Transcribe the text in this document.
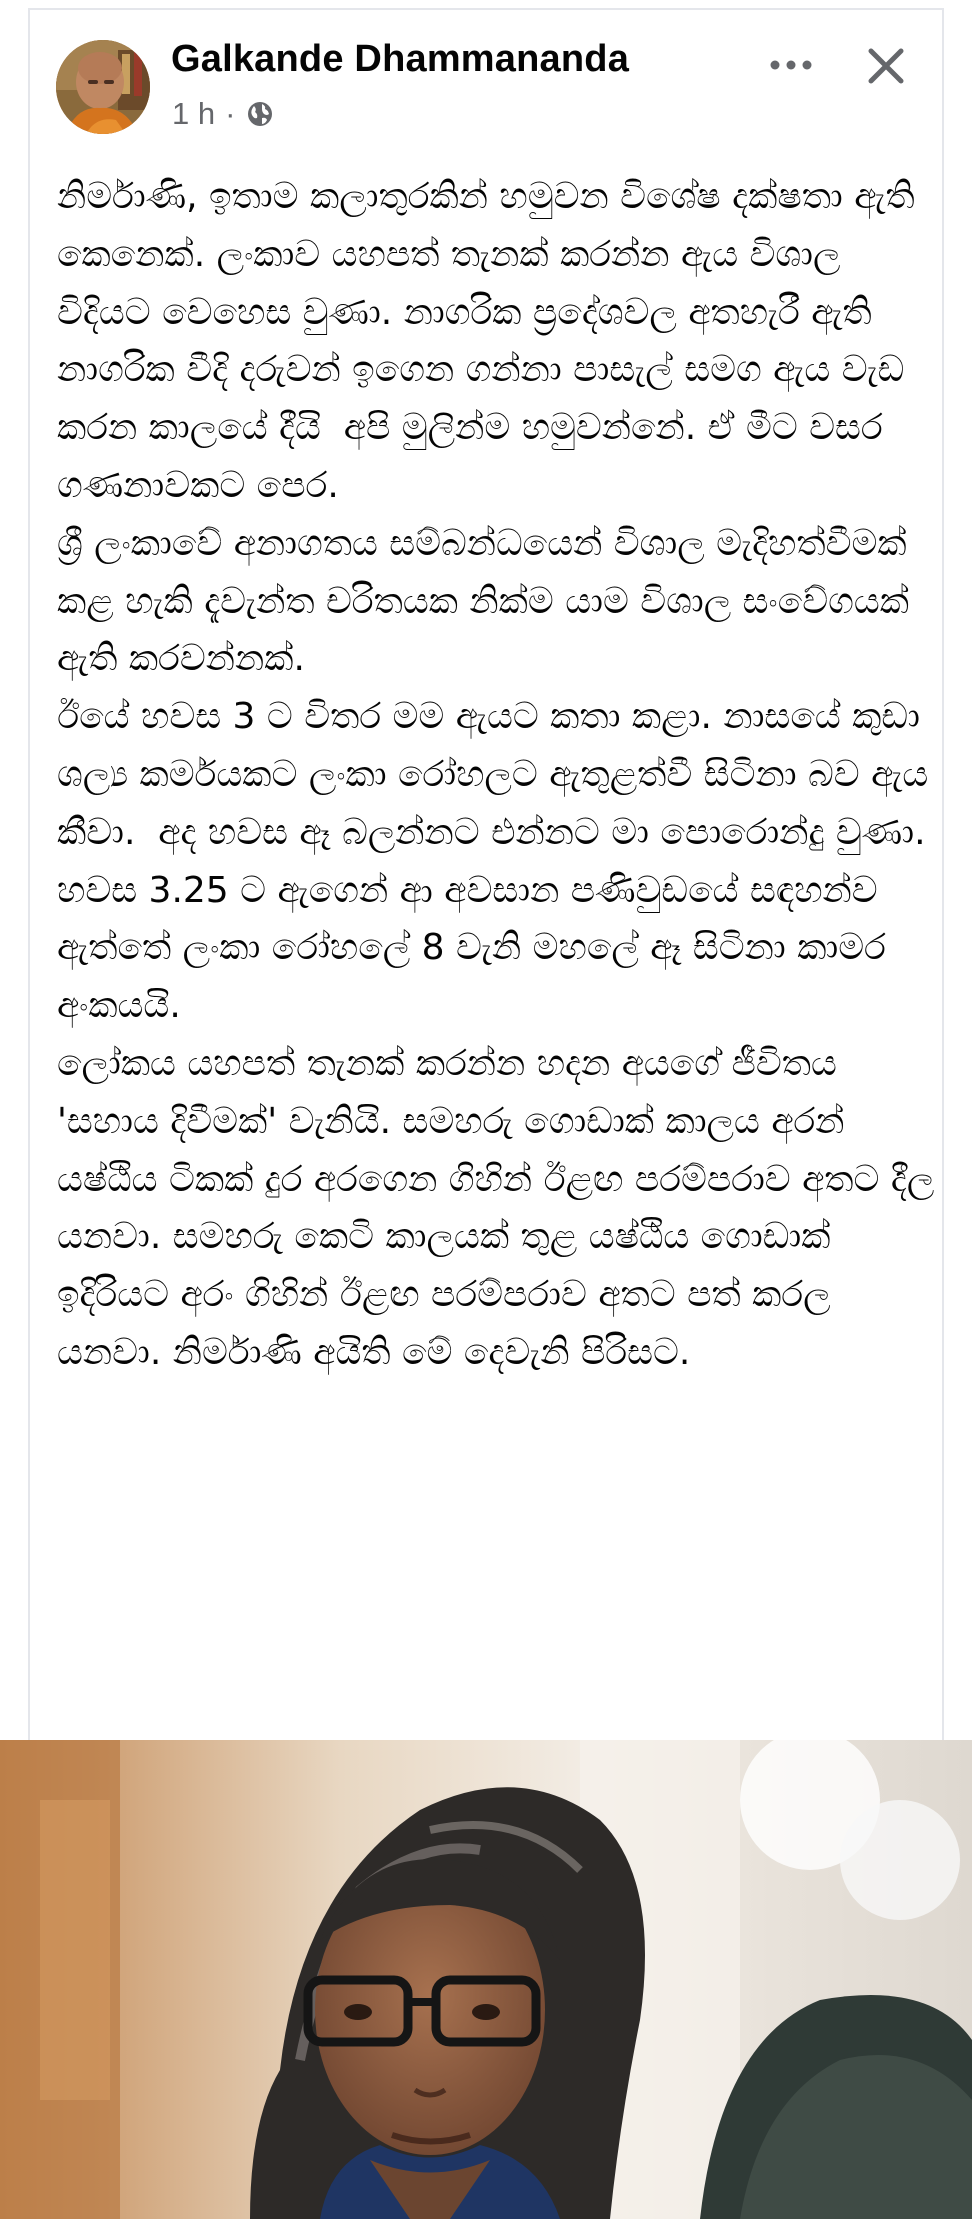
Galkande Dhammananda
1 h ·

නිර්මාණි, ඉතාම කලාතුරකින් හමුවන විශේෂ දක්ෂතා ඇති කෙනෙක්. ලංකාව යහපත් තැනක් කරන්න ඇය විශාල විදියට වෙහෙස වුණා. නාගරික ප්‍රදේශවල අතහැරී ඇති නාගරික වීදි දරුවන් ඉගෙන ගන්නා පාසැල් සමග ඇය වැඩ කරන කාලයේ දීයි  අපි මුලින්ම හමුවන්නේ. ඒ මීට වසර ගණනාවකට පෙර.

ශ්‍රී ලංකාවේ අනාගතය සම්බන්ධයෙන් විශාල මැදිහත්වීමක් කළ හැකි දැවැන්ත චරිතයක නික්ම යාම විශාල සංවේගයක් ඇති කරවන්නක්.

ඊයේ හවස 3 ට විතර මම ඇයට කතා කළා. නාසයේ කුඩා ශල්‍ය කර්මයකට ලංකා රෝහලට ඇතුළත්වී සිටිනා බව ඇය කීවා.  අද හවස ඈ බලන්නට එන්නට මා පොරොන්දු වුණා. හවස 3.25 ට ඇගෙන් ආ අවසාන පණිවුඩයේ සඳහන්ව ඇත්තේ ලංකා රෝහලේ 8 වැනි මහලේ ඈ සිටිනා කාමර අංකයයි.

ලෝකය යහපත් තැනක් කරන්න හදන අයගේ ජීවිතය 'සහාය දිවීමක්' වැනියි. සමහරු ගොඩාක් කාලය අරන් යෂ්ඨිය ටිකක් දුර අරගෙන ගිහින් ඊළඟ පරම්පරාව අතට දීල යනවා. සමහරු කෙටි කාලයක් තුළ යෂ්ඨිය ගොඩාක් ඉදිරියට අරං ගිහින් ඊළඟ පරම්පරාව අතට පත් කරල යනවා. නිර්මාණි අයිති මේ දෙවැනි පිරිසට.
